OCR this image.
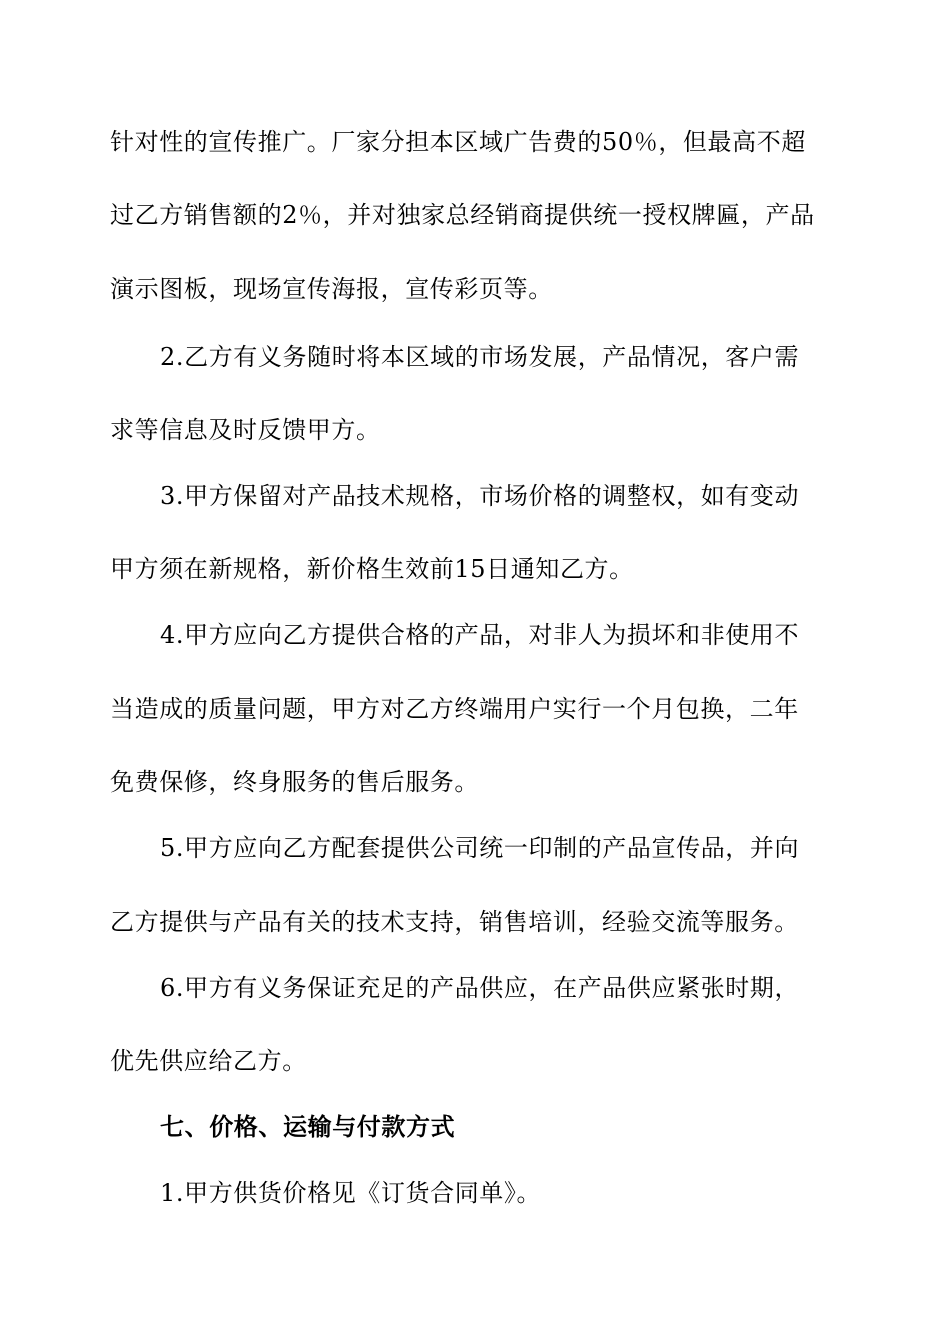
针对性的宣传推广。厂家分担本区域广告费的50％，但最高不超
过乙方销售额的2％，并对独家总经销商提供统一授权牌匾，产品
演示图板，现场宣传海报，宣传彩页等。
2.乙方有义务随时将本区域的市场发展，产品情况，客户需
求等信息及时反馈甲方。
3.甲方保留对产品技术规格，市场价格的调整权，如有变动
甲方须在新规格，新价格生效前15日通知乙方。
4.甲方应向乙方提供合格的产品，对非人为损坏和非使用不
当造成的质量问题，甲方对乙方终端用户实行一个月包换，二年
免费保修，终身服务的售后服务。
5.甲方应向乙方配套提供公司统一印制的产品宣传品，并向
乙方提供与产品有关的技术支持，销售培训，经验交流等服务。
6.甲方有义务保证充足的产品供应，在产品供应紧张时期，
优先供应给乙方。
七、价格、运输与付款方式
1.甲方供货价格见《订货合同单》。
